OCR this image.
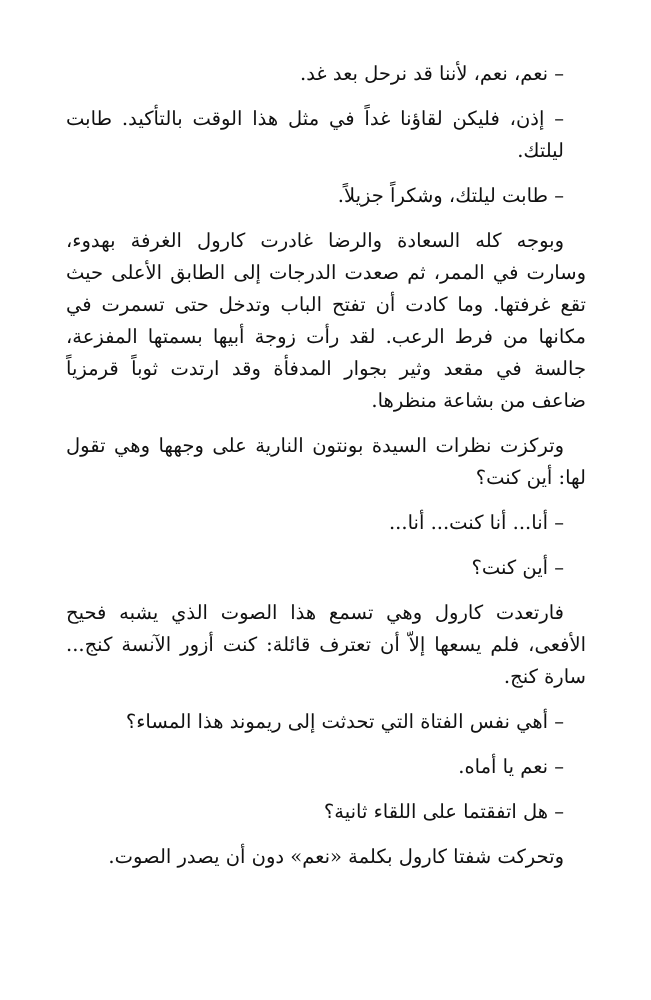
– نعم، نعم، لأننا قد نرحل بعد غد.

– إذن، فليكن لقاؤنا غداً في مثل هذا الوقت بالتأكيد. طابت ليلتك.

– طابت ليلتك، وشكراً جزيلاً.

وبوجه كله السعادة والرضا غادرت كارول الغرفة بهدوء، وسارت في الممر، ثم صعدت الدرجات إلى الطابق الأعلى حيث تقع غرفتها. وما كادت أن تفتح الباب وتدخل حتى تسمرت في مكانها من فرط الرعب. لقد رأت زوجة أبيها بسمتها المفزعة، جالسة في مقعد وثير بجوار المدفأة وقد ارتدت ثوباً قرمزياً ضاعف من بشاعة منظرها.

وتركزت نظرات السيدة بونتون النارية على وجهها وهي تقول لها: أين كنت؟

– أنا... أنا كنت... أنا...

– أين كنت؟

فارتعدت كارول وهي تسمع هذا الصوت الذي يشبه فحيح الأفعى، فلم يسعها إلاّ أن تعترف قائلة: كنت أزور الآنسة كنج... سارة كنج.

– أهي نفس الفتاة التي تحدثت إلى ريموند هذا المساء؟

– نعم يا أماه.

– هل اتفقتما على اللقاء ثانية؟

وتحركت شفتا كارول بكلمة «نعم» دون أن يصدر الصوت.
